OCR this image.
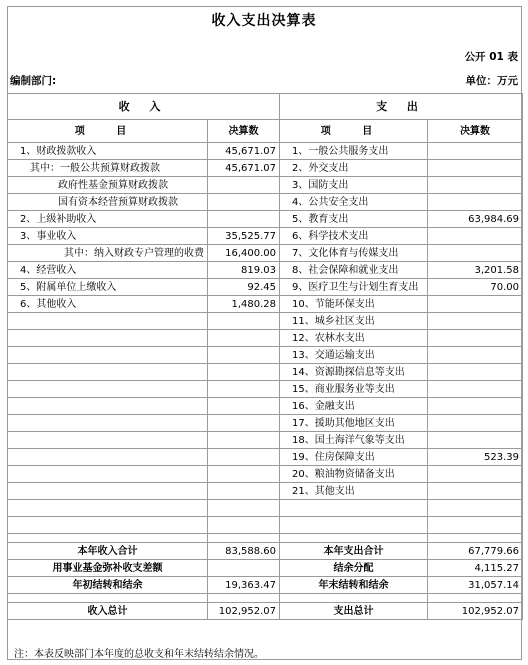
收入支出决算表
公开 01 表
编制部门:	单位：万元
收 入		支 出	
项 目	决算数	项 目	决算数
1、财政拨款收入	45,671.07	1、一般公共服务支出	
其中：一般公共预算财政拨款	45,671.07	2、外交支出	
政府性基金预算财政拨款		3、国防支出	
国有资本经营预算财政拨款		4、公共安全支出	
2、上级补助收入		5、教育支出	63,984.69
3、事业收入	35,525.77	6、科学技术支出	
其中：纳入财政专户管理的收费	16,400.00	7、文化体育与传媒支出	
4、经营收入	819.03	8、社会保障和就业支出	3,201.58
5、附属单位上缴收入	92.45	9、医疗卫生与计划生育支出	70.00
6、其他收入	1,480.28	10、节能环保支出	
		11、城乡社区支出	
		12、农林水支出	
		13、交通运输支出	
		14、资源勘探信息等支出	
		15、商业服务业等支出	
		16、金融支出	
		17、援助其他地区支出	
		18、国土海洋气象等支出	
		19、住房保障支出	523.39
		20、粮油物资储备支出	
		21、其他支出	

本年收入合计	83,588.60	本年支出合计	67,779.66
用事业基金弥补收支差额		结余分配	4,115.27
年初结转和结余	19,363.47	年末结转和结余	31,057.14

收入总计	102,952.07	支出总计	102,952.07
注：本表反映部门本年度的总收支和年末结转结余情况。
